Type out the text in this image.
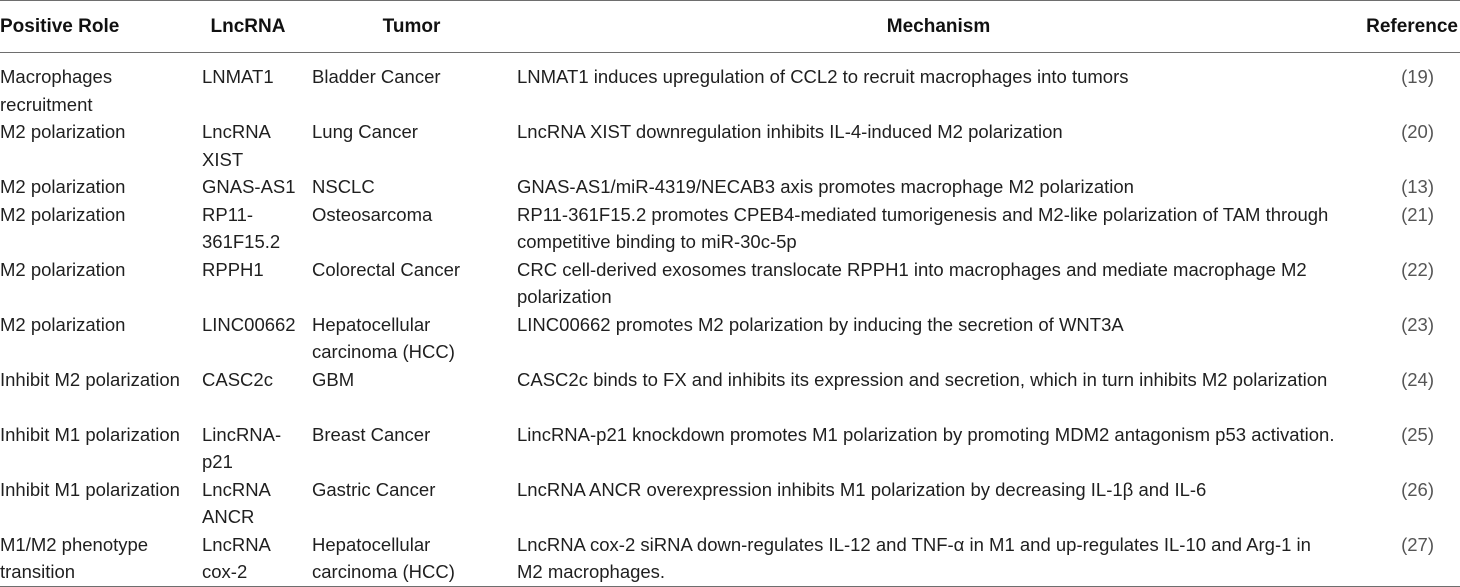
Positive Role	LncRNA	Tumor	Mechanism	Reference
Macrophages recruitment	LNMAT1	Bladder Cancer	LNMAT1 induces upregulation of CCL2 to recruit macrophages into tumors	(19)
M2 polarization	LncRNA XIST	Lung Cancer	LncRNA XIST downregulation inhibits IL-4-induced M2 polarization	(20)
M2 polarization	GNAS-AS1	NSCLC	GNAS-AS1/miR-4319/NECAB3 axis promotes macrophage M2 polarization	(13)
M2 polarization	RP11-361F15.2	Osteosarcoma	RP11-361F15.2 promotes CPEB4-mediated tumorigenesis and M2-like polarization of TAM through competitive binding to miR-30c-5p	(21)
M2 polarization	RPPH1	Colorectal Cancer	CRC cell-derived exosomes translocate RPPH1 into macrophages and mediate macrophage M2 polarization	(22)
M2 polarization	LINC00662	Hepatocellular carcinoma (HCC)	LINC00662 promotes M2 polarization by inducing the secretion of WNT3A	(23)
Inhibit M2 polarization	CASC2c	GBM	CASC2c binds to FX and inhibits its expression and secretion, which in turn inhibits M2 polarization	(24)
Inhibit M1 polarization	LincRNA-p21	Breast Cancer	LincRNA-p21 knockdown promotes M1 polarization by promoting MDM2 antagonism p53 activation.	(25)
Inhibit M1 polarization	LncRNA ANCR	Gastric Cancer	LncRNA ANCR overexpression inhibits M1 polarization by decreasing IL-1β and IL-6	(26)
M1/M2 phenotype transition	LncRNA cox-2	Hepatocellular carcinoma (HCC)	LncRNA cox-2 siRNA down-regulates IL-12 and TNF-α in M1 and up-regulates IL-10 and Arg-1 in M2 macrophages.	(27)
